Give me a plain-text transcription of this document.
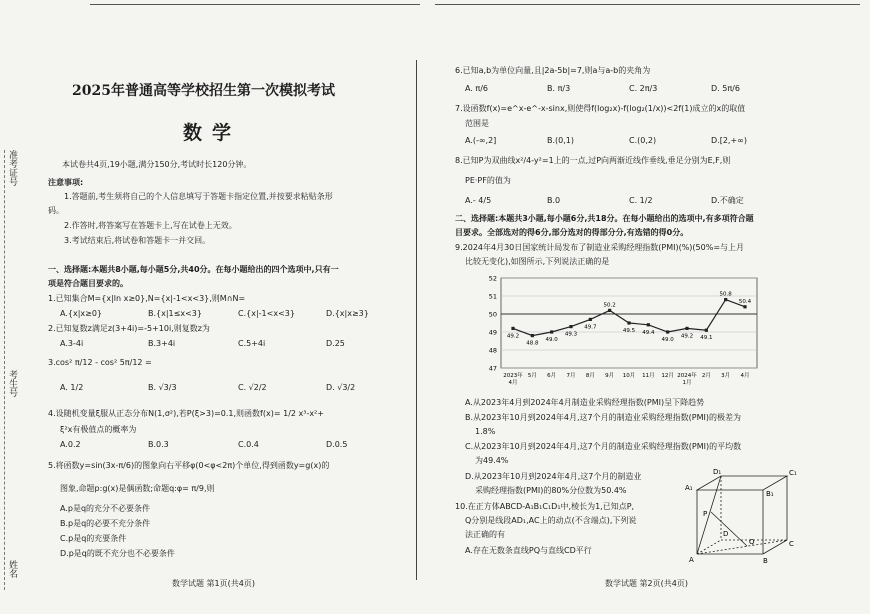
准考证号
考生号
姓名
2025年普通高等学校招生第一次模拟考试
数学
本试卷共4页,19小题,满分150分,考试时长120分钟。
注意事项:
1.答题前,考生须将自己的个人信息填写于答题卡指定位置,并按要求粘贴条形
码。
2.作答时,将答案写在答题卡上,写在试卷上无效。
3.考试结束后,将试卷和答题卡一并交回。
一、选择题:本题共8小题,每小题5分,共40分。在每小题给出的四个选项中,只有一
项是符合题目要求的。
1.已知集合M={x|ln x≥0},N={x|-1<x<3},则M∩N=
A.{x|x≥0}	B.{x|1≤x<3}	C.{x|-1<x<3}	D.{x|x≥3}
2.已知复数z满足z(3+4i)=-5+10i,则复数z为
A.3-4i	B.3+4i	C.5+4i	D.25
3.cos² π/12 - cos² 5π/12 =
A. 1/2	B. √3/3	C. √2/2	D. √3/2
4.设随机变量ξ服从正态分布N(1,σ²),若P(ξ>3)=0.1,则函数f(x)= 1/2 x³-x²+
ξ²x有极值点的概率为
A.0.2	B.0.3	C.0.4	D.0.5
5.将函数y=sin(3x-π/6)的图象向右平移φ(0<φ<2π)个单位,得到函数y=g(x)的
图象,命题p:g(x)是偶函数;命题q:φ= π/9,则
A.p是q的充分不必要条件
B.p是q的必要不充分条件
C.p是q的充要条件
D.p是q的既不充分也不必要条件
数学试题 第1页(共4页)
6.已知a,b为单位向量,且|2a-5b|=7,则a与a-b的夹角为
A. π/6	B. π/3	C. 2π/3	D. 5π/6
7.设函数f(x)=e^x-e^-x-sinx,则使得f(log₂x)-f(log₂(1/x))<2f(1)成立的x的取值
范围是
A.(-∞,2]	B.(0,1)	C.(0,2)	D.[2,+∞)
8.已知P为双曲线x²/4-y²=1上的一点,过P向两渐近线作垂线,垂足分别为E,F,则
PE·PF的值为
A.- 4/5	B.0	C. 1/2	D.不确定
二、选择题:本题共3小题,每小题6分,共18分。在每小题给出的选项中,有多项符合题
目要求。全部选对的得6分,部分选对的得部分分,有选错的得0分。
9.2024年4月30日国家统计局发布了制造业采购经理指数(PMI)(%)(50%=与上月
比较无变化),如图所示,下列说法正确的是
47
48
49
50
51
52
49.2
48.8
49.0
49.3
49.7
50.2
49.5 49.4
49.0
49.2 49.1
50.8
50.4
2023年
4月
5月 6月 7月 8月 9月 10月 11月 12月 2024年
1月
2月 3月 4月
A.从2023年4月到2024年4月制造业采购经理指数(PMI)呈下降趋势
B.从2023年10月到2024年4月,这7个月的制造业采购经理指数(PMI)的极差为
1.8%
C.从2023年10月到2024年4月,这7个月的制造业采购经理指数(PMI)的平均数
为49.4%
D.从2023年10月到2024年4月,这7个月的制造业
采购经理指数(PMI)的80%分位数为50.4%
10.在正方体ABCD-A₁B₁C₁D₁中,棱长为1,已知点P,
Q分别是线段AD₁,AC上的动点(不含端点),下列说
法正确的有
A.存在无数条直线PQ与直线CD平行
A₁
B₁
C₁
D₁
A	B
C
D
P
Q
数学试题 第2页(共4页)
